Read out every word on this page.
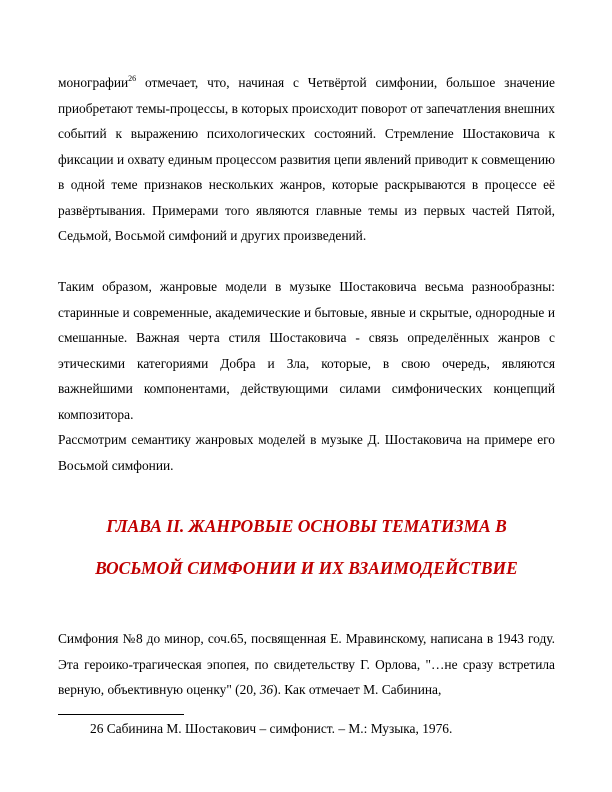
монографии$^{26}$ отмечает, что, начиная с Четвёртой симфонии, большое значение приобретают темы-процессы, в которых происходит поворот от запечатления внешних событий к выражению психологических состояний. Стремление Шостаковича к фиксации и охвату единым процессом развития цепи явлений приводит к совмещению в одной теме признаков нескольких жанров, которые раскрываются в процессе её развёртывания. Примерами того являются главные темы из первых частей Пятой, Седьмой, Восьмой симфоний и других произведений.

Таким образом, жанровые модели в музыке Шостаковича весьма разнообразны: старинные и современные, академические и бытовые, явные и скрытые, однородные и смешанные. Важная черта стиля Шостаковича - связь определённых жанров с этическими категориями Добра и Зла, которые, в свою очередь, являются важнейшими компонентами, действующими силами симфонических концепций композитора.

Рассмотрим семантику жанровых моделей в музыке Д. Шостаковича на примере его Восьмой симфонии.

ГЛАВА II. ЖАНРОВЫЕ ОСНОВЫ ТЕМАТИЗМА В
ВОСЬМОЙ СИМФОНИИ И ИХ ВЗАИМОДЕЙСТВИЕ

Симфония №8 до минор, соч.65, посвященная Е. Мравинскому, написана в 1943 году. Эта героико-трагическая эпопея, по свидетельству Г. Орлова, "…не сразу встретила верную, объективную оценку" (20, 36). Как отмечает М. Сабинина,

26 Сабинина М. Шостакович – симфонист. – М.: Музыка, 1976.
